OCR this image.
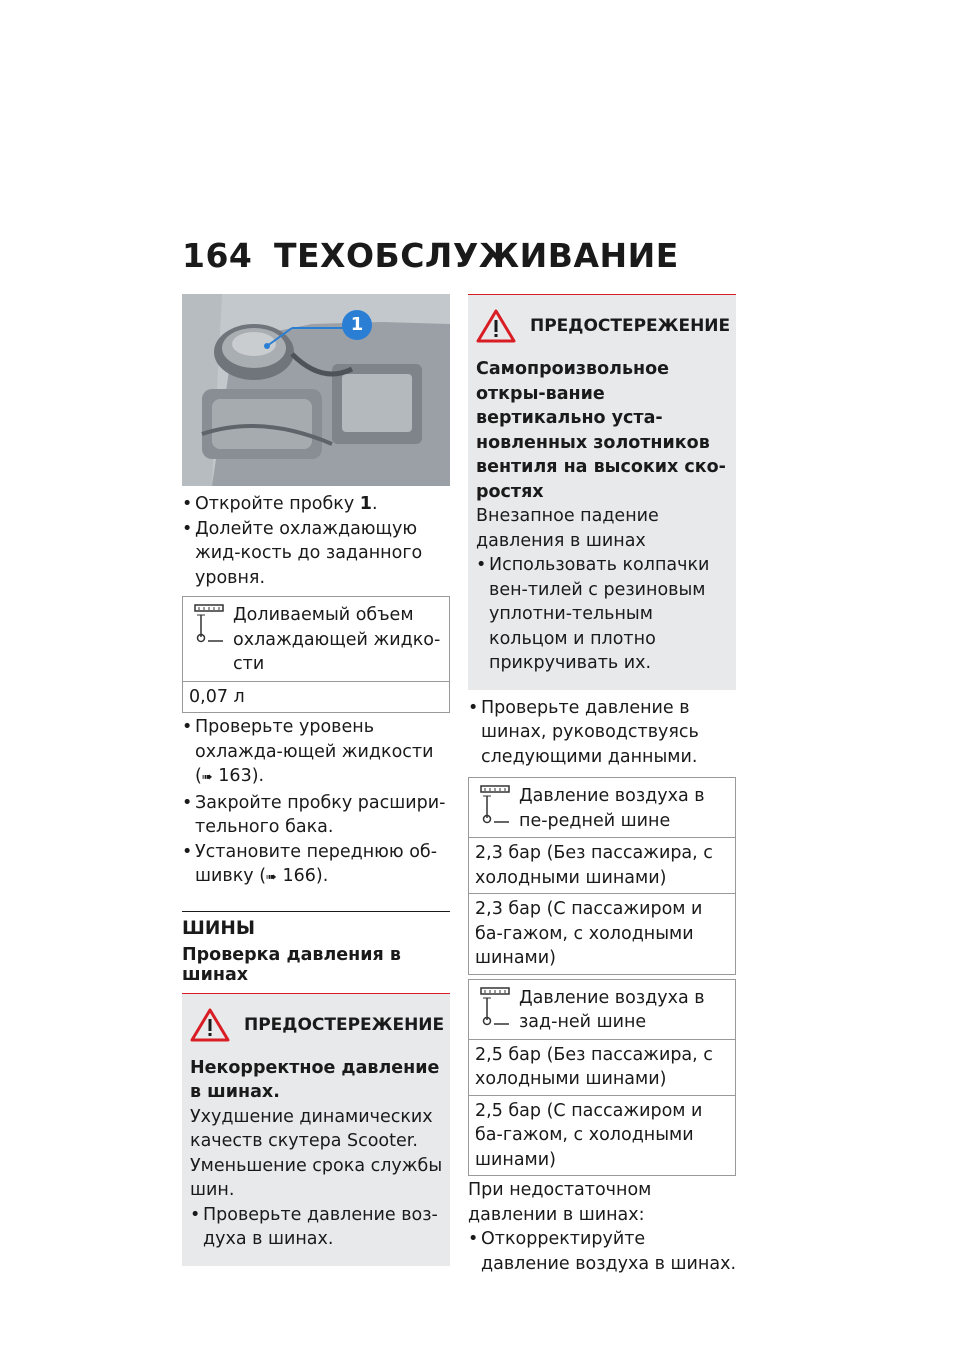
164 ТЕХОБСЛУЖИВАНИЕ
1
• Откройте пробку 1.
• Долейте охлаждающую жид-кость до заданного уровня.
Доливаемый объем охлаждающей жидко-сти
0,07 л
• Проверьте уровень охлажда-ющей жидкости (➠ 163).
• Закройте пробку расшири-тельного бака.
• Установите переднюю об-шивку (➠ 166).
ШИНЫ
Проверка давления в шинах
ПРЕДОСТЕРЕЖЕНИЕ
Некорректное давление в шинах.
Ухудшение динамических качеств скутера Scooter.
Уменьшение срока службы шин.
• Проверьте давление воз-духа в шинах.
ПРЕДОСТЕРЕЖЕНИЕ
Самопроизвольное откры-вание вертикально уста-новленных золотников вентиля на высоких ско-ростях
Внезапное падение давления в шинах
• Использовать колпачки вен-тилей с резиновым уплотни-тельным кольцом и плотно прикручивать их.
• Проверьте давление в шинах, руководствуясь следующими данными.
Давление воздуха в пе-редней шине
2,3 бар (Без пассажира, с холодными шинами)
2,3 бар (С пассажиром и ба-гажом, с холодными шинами)
Давление воздуха в зад-ней шине
2,5 бар (Без пассажира, с холодными шинами)
2,5 бар (С пассажиром и ба-гажом, с холодными шинами)
При недостаточном давлении в шинах:
• Откорректируйте давление воздуха в шинах.
